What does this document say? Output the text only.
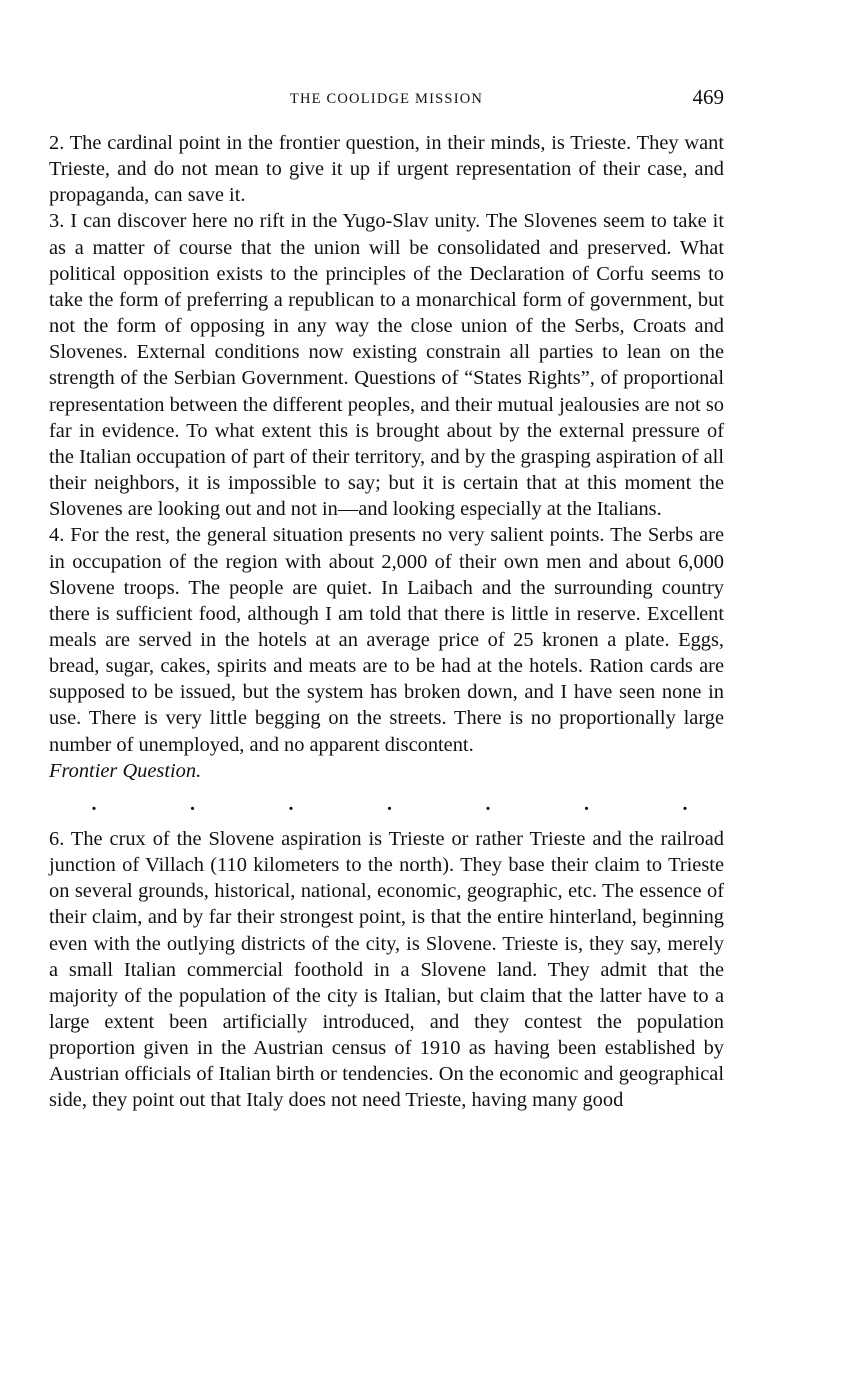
THE COOLIDGE MISSION	469

2. The cardinal point in the frontier question, in their minds, is Trieste. They want Trieste, and do not mean to give it up if urgent representation of their case, and propaganda, can save it.

3. I can discover here no rift in the Yugo-Slav unity. The Slovenes seem to take it as a matter of course that the union will be consolidated and preserved. What political opposition exists to the principles of the Declaration of Corfu seems to take the form of preferring a republican to a monarchical form of government, but not the form of opposing in any way the close union of the Serbs, Croats and Slovenes. External conditions now existing constrain all parties to lean on the strength of the Serbian Government. Questions of “States Rights”, of proportional representation between the different peoples, and their mutual jealousies are not so far in evidence. To what extent this is brought about by the external pressure of the Italian occupation of part of their territory, and by the grasping aspiration of all their neighbors, it is impossible to say; but it is certain that at this moment the Slovenes are looking out and not in—and looking especially at the Italians.

4. For the rest, the general situation presents no very salient points. The Serbs are in occupation of the region with about 2,000 of their own men and about 6,000 Slovene troops. The people are quiet. In Laibach and the surrounding country there is sufficient food, although I am told that there is little in reserve. Excellent meals are served in the hotels at an average price of 25 kronen a plate. Eggs, bread, sugar, cakes, spirits and meats are to be had at the hotels. Ration cards are supposed to be issued, but the system has broken down, and I have seen none in use. There is very little begging on the streets. There is no proportionally large number of unemployed, and no apparent discontent.

Frontier Question.

.	.	.	.	.	.	.

6. The crux of the Slovene aspiration is Trieste or rather Trieste and the railroad junction of Villach (110 kilometers to the north). They base their claim to Trieste on several grounds, historical, national, economic, geographic, etc. The essence of their claim, and by far their strongest point, is that the entire hinterland, beginning even with the outlying districts of the city, is Slovene. Trieste is, they say, merely a small Italian commercial foothold in a Slovene land. They admit that the majority of the population of the city is Italian, but claim that the latter have to a large extent been artificially introduced, and they contest the population proportion given in the Austrian census of 1910 as having been established by Austrian officials of Italian birth or tendencies. On the economic and geographical side, they point out that Italy does not need Trieste, having many good
